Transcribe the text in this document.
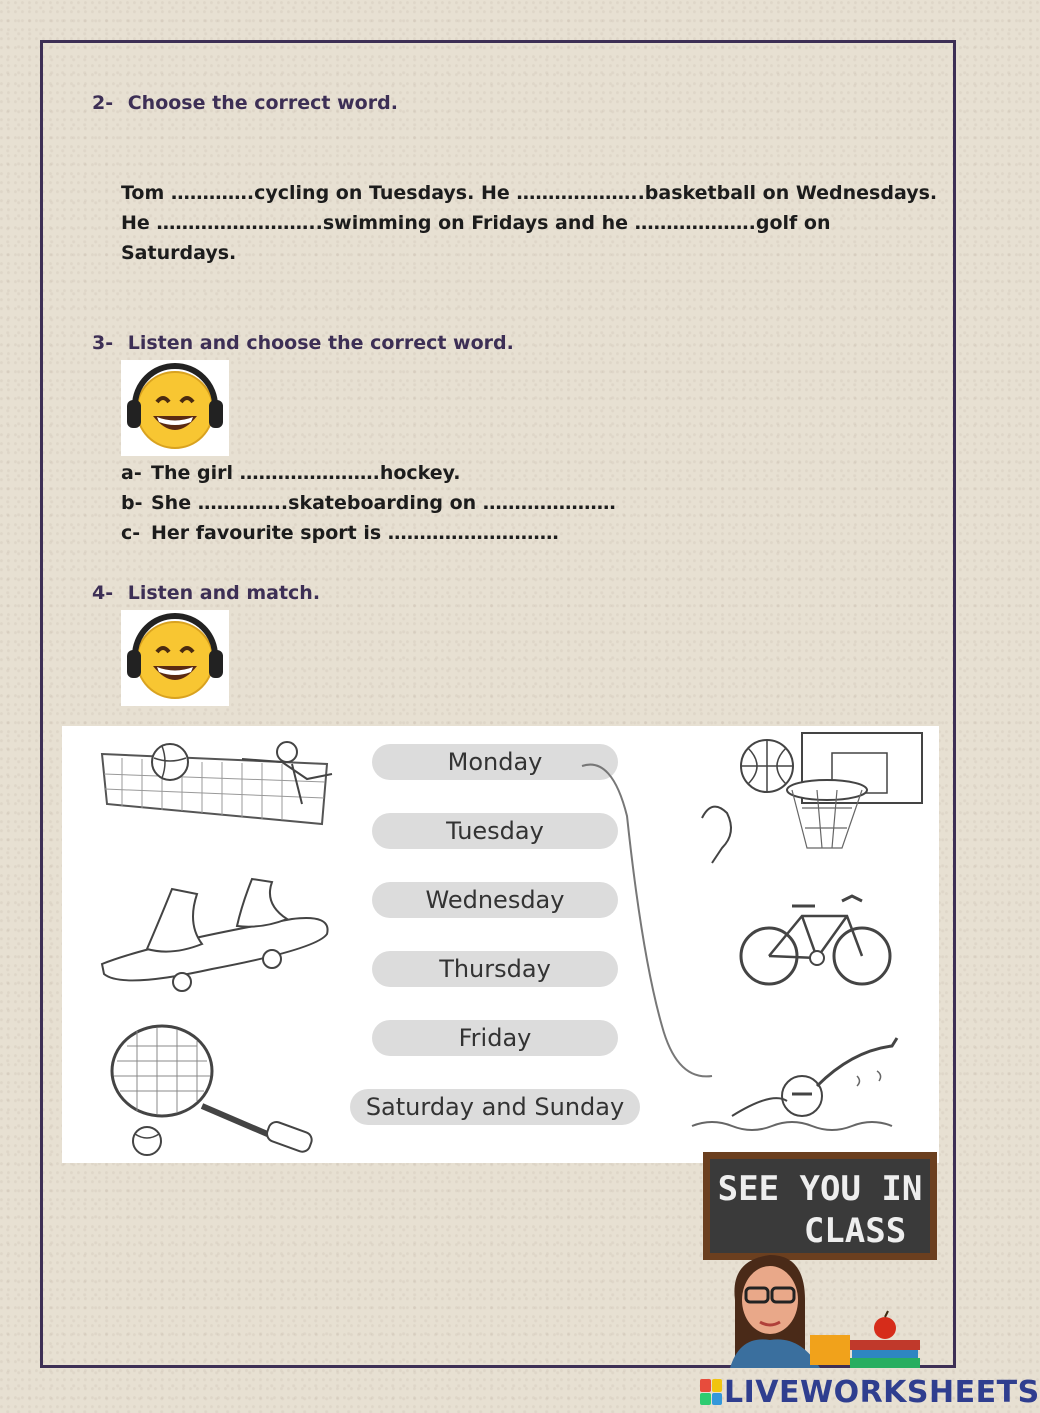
2- Choose the correct word.
Tom ………….cycling on Tuesdays. He ………………..basketball on Wednesdays. He ……………………..swimming on Fridays and he ……………….golf on Saturdays.
3- Listen and choose the correct word.
a- The girl ………………….hockey.
b- She …………..skateboarding on …………………
c- Her favourite sport is ………………………
4- Listen and match.
Monday
Tuesday
Wednesday
Thursday
Friday
Saturday and Sunday
SEE YOU IN
CLASS
LIVEWORKSHEETS
